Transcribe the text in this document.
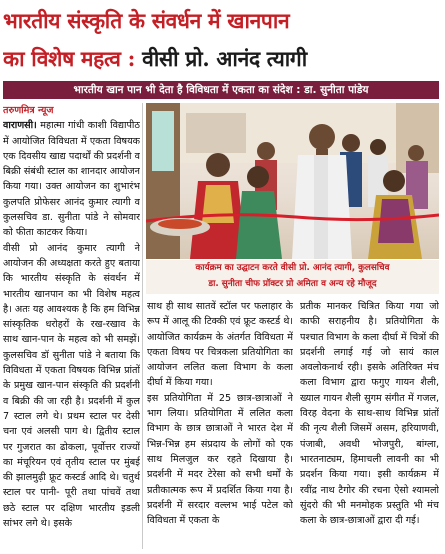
भारतीय संस्कृति के संवर्धन में खानपान
का विशेष महत्व : वीसी प्रो. आनंद त्यागी
भारतीय खान पान भी देता है विविधता में एकता का संदेश : डा. सुनीता पांडेय

तरुणमित्र न्यूज

वाराणसी। महात्मा गांधी काशी विद्यापीठ में आयोजित विविधता में एकता विषयक एक दिवसीय खाद्य पदार्थों की प्रदर्शनी व बिक्री संबंधी स्टाल का शानदार आयोजन किया गया। उक्त आयोजन का शुभारंभ कुलपति प्रोफेसर आनंद कुमार त्यागी व कुलसचिव डा. सुनीता पांडे ने सोमवार को फीता काटकर किया।

वीसी प्रो आनंद कुमार त्यागी ने आयोजन की अध्यक्षता करते हुए बताया कि भारतीय संस्कृति के संवर्धन में भारतीय खानपान का भी विशेष महत्व है। अतः यह आवश्यक है कि हम विभिन्न सांस्कृतिक धरोहरों के रख-रखाव के साथ खान-पान के महत्व को भी समझें। कुलसचिव डॉ सुनीता पांडे ने बताया कि विविधता में एकता विषयक विभिन्न प्रांतों के प्रमुख खान-पान संस्कृति की प्रदर्शनी व बिक्री की जा रही है। प्रदर्शनी में कुल 7 स्टाल लगे थे। प्रथम स्टाल पर देसी चना एवं अलसी पाग थे। द्वितीय स्टाल पर गुजरात का ढोकला, पूर्वोत्तर राज्यों का मंचूरियन एवं तृतीय स्टाल पर मुंबई की झालमुढ़ी फ्रूट कस्टर्ड आदि थे। चतुर्थ स्टाल पर पानी- पूरी तथा पांचवें तथा छठे स्टाल पर दक्षिण भारतीय इडली सांभर लगे थे। इसके

कार्यक्रम का उद्घाटन करते वीसी प्रो. आनंद त्यागी, कुलसचिव
डा. सुनीता चीफ प्रॉक्टर प्रो अमिता व अन्य रहे मौजूद

साथ ही साथ सातवें स्टॉल पर फलाहार के रूप में आलू की टिक्की एवं फ्रूट कस्टर्ड थे। आयोजित कार्यक्रम के अंतर्गत विविधता में एकता विषय पर चित्रकला प्रतियोगिता का आयोजन ललित कला विभाग के कला दीर्घा में किया गया।

इस प्रतियोगिता में 25 छात्र-छात्राओं ने भाग लिया। प्रतियोगिता में ललित कला विभाग के छात्र छात्राओं ने भारत देश में भिन्न-भिन्न हम संप्रदाय के लोगों को एक साथ मिलजुल कर रहते दिखाया है। प्रदर्शनी में मदर टेरेसा को सभी धर्मों के प्रतीकात्मक रूप में प्रदर्शित किया गया है। प्रदर्शनी में सरदार वल्लभ भाई पटेल को विविधता में एकता के

प्रतीक मानकर चित्रित किया गया जो काफी सराहनीय है। प्रतियोगिता के पश्चात विभाग के कला दीर्घा में चित्रों की प्रदर्शनी लगाई गई जो सायं काल अवलोकनार्थ रही। इसके अतिरिक्त मंच कला विभाग द्वारा फगुए गायन शैली, ख्याल गायन शैली सुगम संगीत में गजल, विरह वेदना के साथ-साथ विभिन्न प्रांतों की नृत्य शैली जिसमें असम, हरियाणवी, पंजाबी, अवधी भोजपुरी, बांग्ला, भारतनाट्यम, हिमाचली लावनी का भी प्रदर्शन किया गया। इसी कार्यक्रम में रवींद्र नाथ टैगोर की रचना ऐसो श्यामलो सुंदरो की भी मनमोहक प्रस्तुति भी मंच कला के छात्र-छात्राओं द्वारा दी गई।
